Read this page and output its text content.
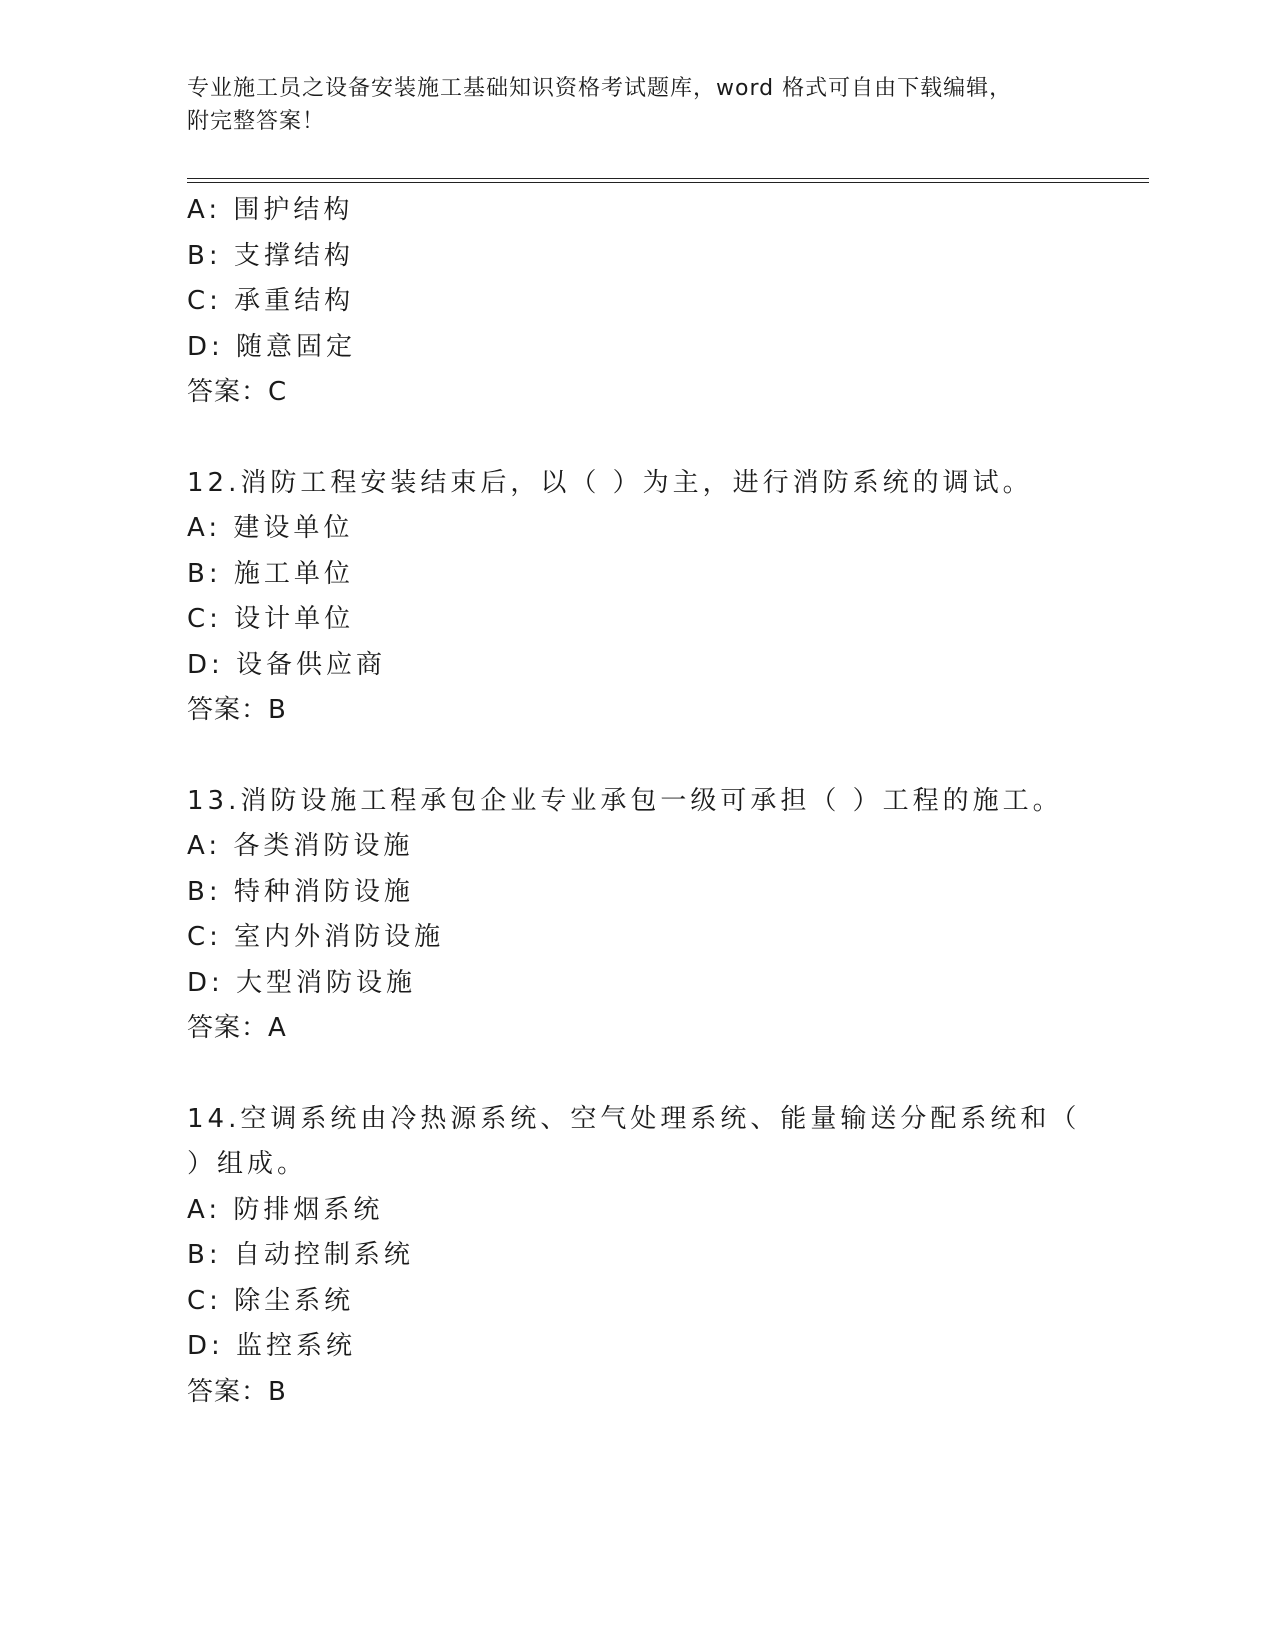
专业施工员之设备安装施工基础知识资格考试题库，word 格式可自由下载编辑，
附完整答案！
A: 围护结构
B: 支撑结构
C: 承重结构
D: 随意固定
答案：C
12.消防工程安装结束后，以（ ）为主，进行消防系统的调试。
A: 建设单位
B: 施工单位
C: 设计单位
D: 设备供应商
答案：B
13.消防设施工程承包企业专业承包一级可承担（ ）工程的施工。
A: 各类消防设施
B: 特种消防设施
C: 室内外消防设施
D: 大型消防设施
答案：A
14.空调系统由冷热源系统、空气处理系统、能量输送分配系统和（
）组成。
A: 防排烟系统
B: 自动控制系统
C: 除尘系统
D: 监控系统
答案：B
